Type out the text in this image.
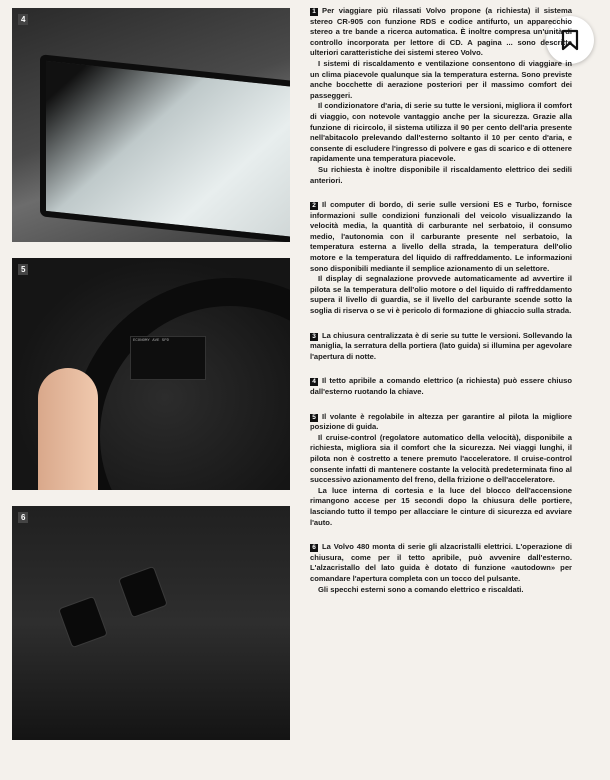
4
ECONOMY AVE SPD
5
6

1 Per viaggiare più rilassati Volvo propone (a richiesta) il sistema stereo CR-905 con funzione RDS e codice antifurto, un apparecchio stereo a tre bande a ricerca automatica. È inoltre compresa un'unità di controllo incorporata per lettore di CD. A pagina ... sono descritte ulteriori caratteristiche dei sistemi stereo Volvo.

I sistemi di riscaldamento e ventilazione consentono di viaggiare in un clima piacevole qualunque sia la temperatura esterna. Sono previste anche bocchette di aerazione posteriori per il massimo comfort dei passeggeri.

Il condizionatore d'aria, di serie su tutte le versioni, migliora il comfort di viaggio, con notevole vantaggio anche per la sicurezza. Grazie alla funzione di ricircolo, il sistema utilizza il 90 per cento dell'aria presente nell'abitacolo prelevando dall'esterno soltanto il 10 per cento d'aria, e consente di escludere l'ingresso di polvere e gas di scarico e di ottenere rapidamente una temperatura piacevole.

Su richiesta è inoltre disponibile il riscaldamento elettrico dei sedili anteriori.

2 Il computer di bordo, di serie sulle versioni ES e Turbo, fornisce informazioni sulle condizioni funzionali del veicolo visualizzando la velocità media, la quantità di carburante nel serbatoio, il consumo medio, l'autonomia con il carburante presente nel serbatoio, la temperatura esterna a livello della strada, la temperatura dell'olio motore e la temperatura del liquido di raffreddamento. Le informazioni sono disponibili mediante il semplice azionamento di un selettore.

Il display di segnalazione provvede automaticamente ad avvertire il pilota se la temperatura dell'olio motore o del liquido di raffreddamento supera il livello di guardia, se il livello del carburante scende sotto la soglia di riserva o se vi è pericolo di formazione di ghiaccio sulla strada.

3 La chiusura centralizzata è di serie su tutte le versioni. Sollevando la maniglia, la serratura della portiera (lato guida) si illumina per agevolare l'apertura di notte.

4 Il tetto apribile a comando elettrico (a richiesta) può essere chiuso dall'esterno ruotando la chiave.

5 Il volante è regolabile in altezza per garantire al pilota la migliore posizione di guida.

Il cruise-control (regolatore automatico della velocità), disponibile a richiesta, migliora sia il comfort che la sicurezza. Nei viaggi lunghi, il pilota non è costretto a tenere premuto l'acceleratore. Il cruise-control consente infatti di mantenere costante la velocità predeterminata fino al successivo azionamento del freno, della frizione o dell'acceleratore.

La luce interna di cortesia e la luce del blocco dell'accensione rimangono accese per 15 secondi dopo la chiusura delle portiere, lasciando tutto il tempo per allacciare le cinture di sicurezza ed avviare l'auto.

6 La Volvo 480 monta di serie gli alzacristalli elettrici. L'operazione di chiusura, come per il tetto apribile, può avvenire dall'esterno. L'alzacristallo del lato guida è dotato di funzione «autodown» per comandare l'apertura completa con un tocco del pulsante.

Gli specchi esterni sono a comando elettrico e riscaldati.
